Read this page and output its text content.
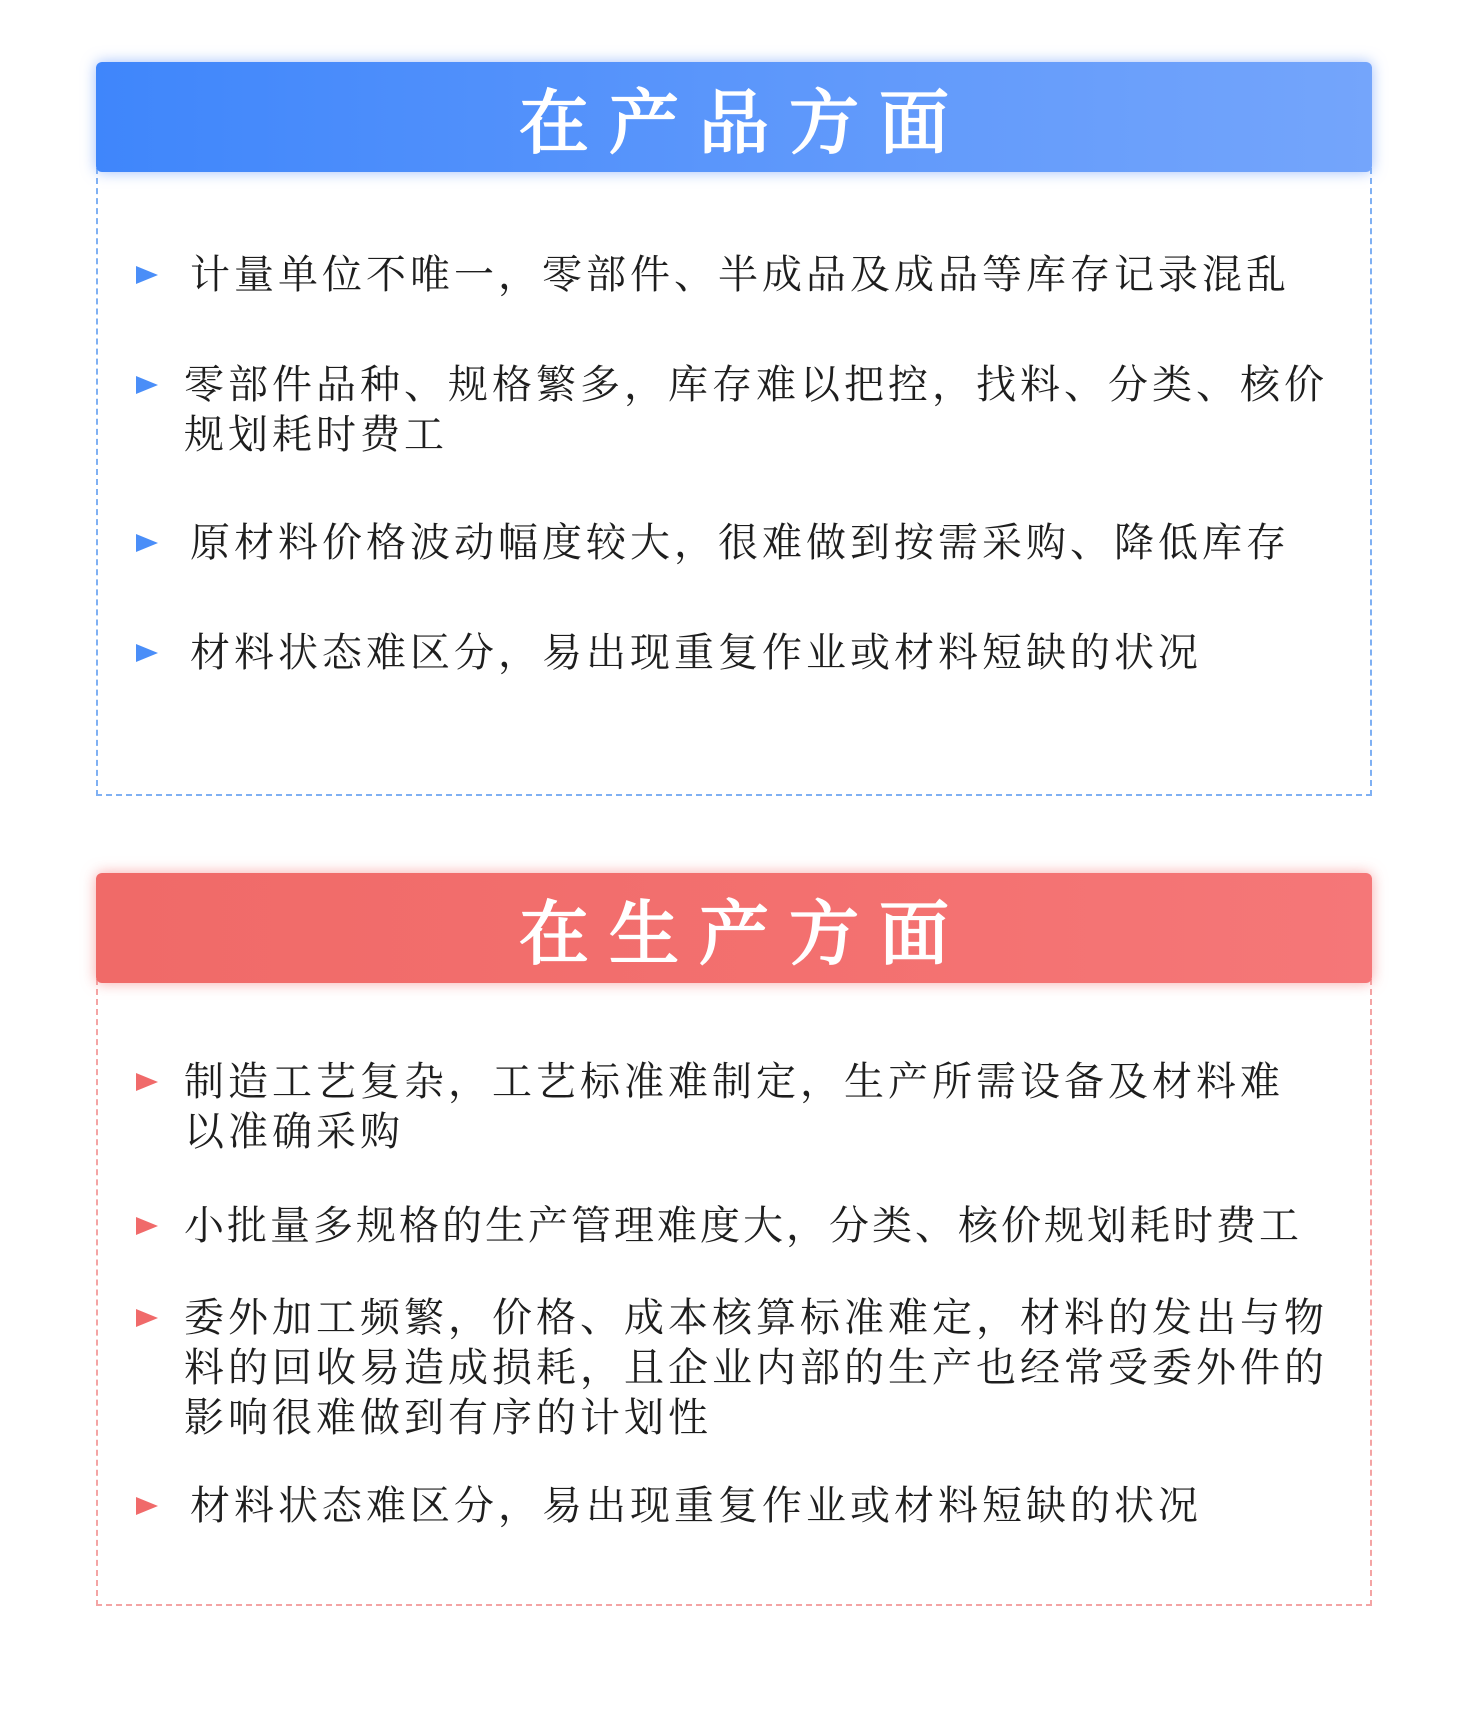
在产品方面
计量单位不唯一，零部件、半成品及成品等库存记录混乱
零部件品种、规格繁多，库存难以把控，找料、分类、核价规划耗时费工
原材料价格波动幅度较大，很难做到按需采购、降低库存
材料状态难区分，易出现重复作业或材料短缺的状况
在生产方面
制造工艺复杂，工艺标准难制定，生产所需设备及材料难以准确采购
小批量多规格的生产管理难度大，分类、核价规划耗时费工
委外加工频繁，价格、成本核算标准难定，材料的发出与物料的回收易造成损耗，且企业内部的生产也经常受委外件的影响很难做到有序的计划性
材料状态难区分，易出现重复作业或材料短缺的状况
